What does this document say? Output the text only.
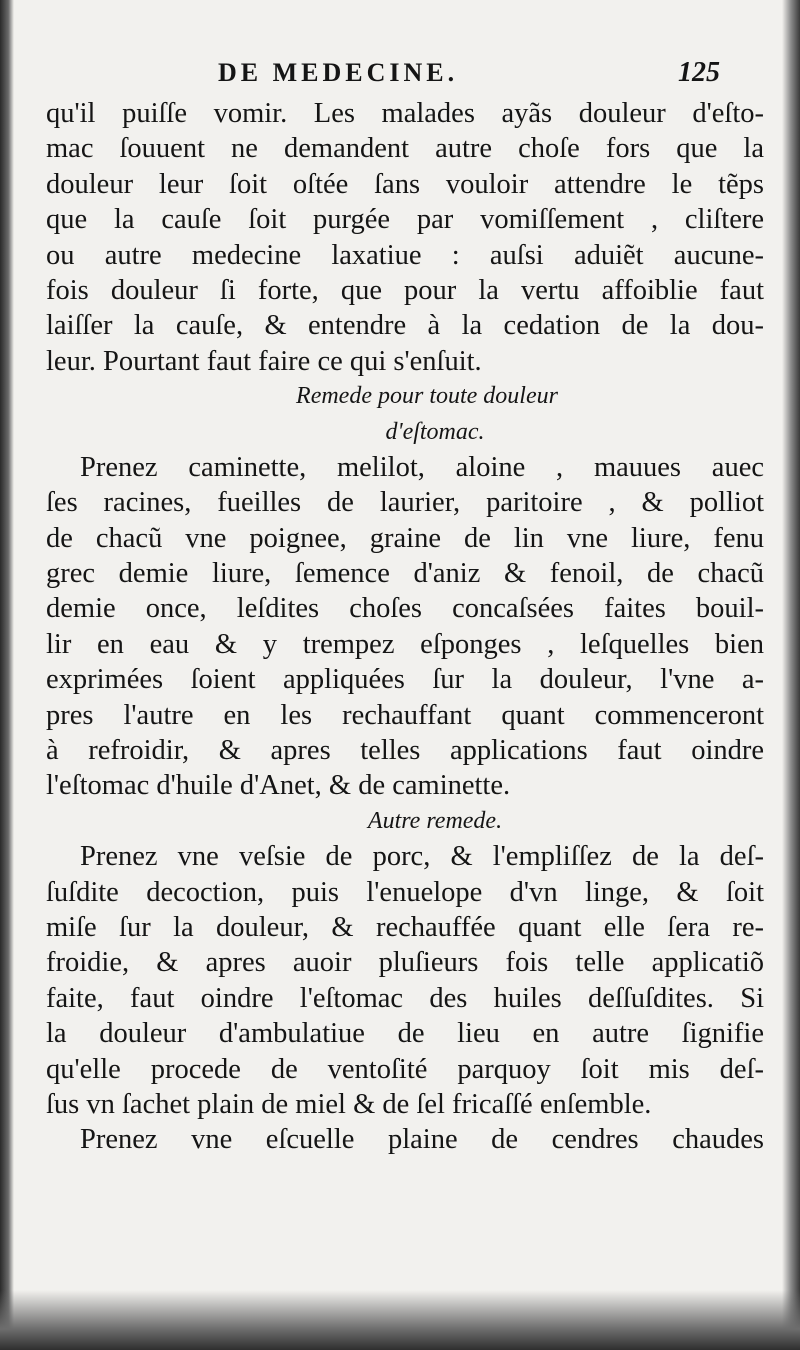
DE MEDECINE.	125
qu'il puiſſe vomir. Les malades ayãs douleur d'eſto-
mac ſouuent ne demandent autre choſe fors que la
douleur leur ſoit oſtée ſans vouloir attendre le tẽps
que la cauſe ſoit purgée par vomiſſement , cliſtere
ou autre medecine laxatiue : auſsi aduiẽt aucune-
fois douleur ſi forte, que pour la vertu affoiblie faut
laiſſer la cauſe, & entendre à la cedation de la dou-
leur. Pourtant faut faire ce qui s'enſuit.
Remede pour toute douleur
d'eſtomac.
Prenez caminette, melilot, aloine , mauues auec
ſes racines, fueilles de laurier, paritoire , & polliot
de chacũ vne poignee, graine de lin vne liure, fenu
grec demie liure, ſemence d'aniz & fenoil, de chacũ
demie once, leſdites choſes concaſsées faites bouil-
lir en eau & y trempez eſponges , leſquelles bien
exprimées ſoient appliquées ſur la douleur, l'vne a-
pres l'autre en les rechauffant quant commenceront
à refroidir, & apres telles applications faut oindre
l'eſtomac d'huile d'Anet, & de caminette.
Autre remede.
Prenez vne veſsie de porc, & l'empliſſez de la deſ-
ſuſdite decoction, puis l'enuelope d'vn linge, & ſoit
miſe ſur la douleur, & rechauffée quant elle ſera re-
froidie, & apres auoir pluſieurs fois telle applicatiõ
faite, faut oindre l'eſtomac des huiles deſſuſdites. Si
la douleur d'ambulatiue de lieu en autre ſignifie
qu'elle procede de ventoſité parquoy ſoit mis deſ-
ſus vn ſachet plain de miel & de ſel fricaſſé enſemble.
Prenez vne eſcuelle plaine de cendres chaudes
